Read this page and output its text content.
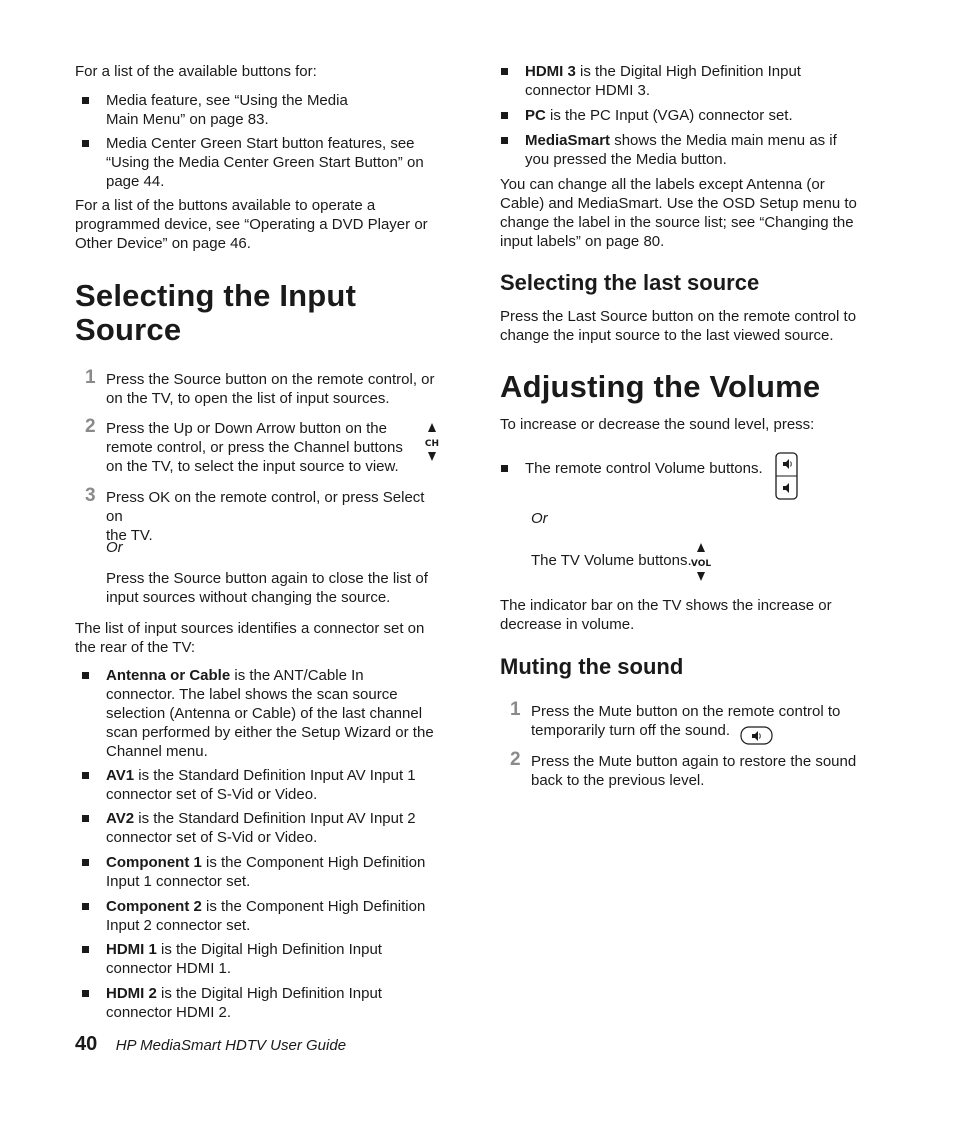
For a list of the available buttons for:

Media feature, see “Using the Media

Main Menu” on page 83.

Media Center Green Start button features, see

“Using the Media Center Green Start Button” on

page 44.

For a list of the buttons available to operate a

programmed device, see “Operating a DVD Player or

Other Device” on page 46.

Selecting the Input
Source
1 Press the Source button on the remote control, or

on the TV, to open the list of input sources.

2 Press the Up or Down Arrow button on the

remote control, or press the Channel buttons

on the TV, to select the input source to view.

CH
3 Press OK on the remote control, or press Select on

the TV.

Or

Press the Source button again to close the list of

input sources without changing the source.

The list of input sources identifies a connector set on

the rear of the TV:

Antenna or Cable is the ANT/Cable In

connector. The label shows the scan source

selection (Antenna or Cable) of the last channel

scan performed by either the Setup Wizard or the

Channel menu.

AV1 is the Standard Definition Input AV Input 1

connector set of S-Vid or Video.

AV2 is the Standard Definition Input AV Input 2

connector set of S-Vid or Video.

Component 1 is the Component High Definition

Input 1 connector set.

Component 2 is the Component High Definition

Input 2 connector set.

HDMI 1 is the Digital High Definition Input

connector HDMI 1.

HDMI 2 is the Digital High Definition Input

connector HDMI 2.

40 HP MediaSmart HDTV User Guide

HDMI 3 is the Digital High Definition Input

connector HDMI 3.

PC is the PC Input (VGA) connector set.

MediaSmart shows the Media main menu as if

you pressed the Media button.

You can change all the labels except Antenna (or

Cable) and MediaSmart. Use the OSD Setup menu to

change the label in the source list; see “Changing the

input labels” on page 80.

Selecting the last source

Press the Last Source button on the remote control to

change the input source to the last viewed source.

Adjusting the Volume

To increase or decrease the sound level, press:

The remote control Volume buttons.

Or

The TV Volume buttons. VOL

The indicator bar on the TV shows the increase or

decrease in volume.

Muting the sound
1 Press the Mute button on the remote control to

temporarily turn off the sound.

2 Press the Mute button again to restore the sound

back to the previous level.
